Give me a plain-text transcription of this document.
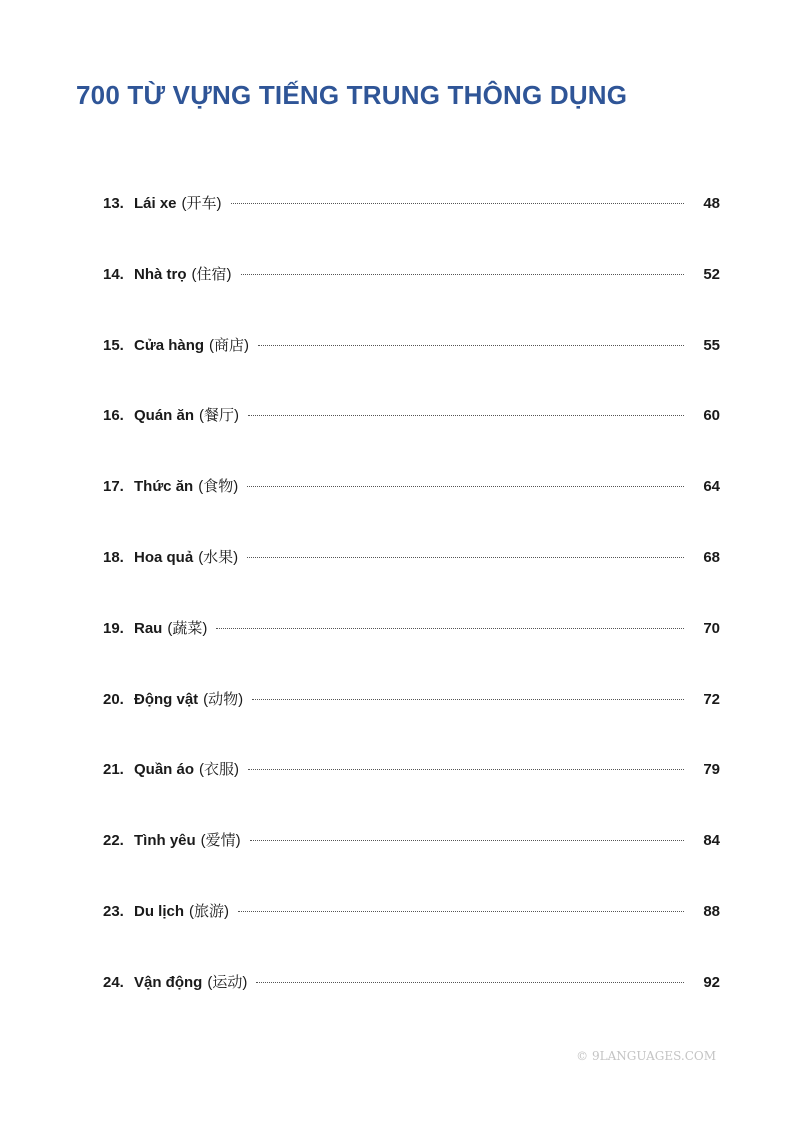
700 TỪ VỰNG TIẾNG TRUNG THÔNG DỤNG
13. Lái xe (开车)	48
14. Nhà trọ (住宿)	52
15. Cửa hàng (商店)	55
16. Quán ăn (餐厅)	60
17. Thức ăn (食物)	64
18. Hoa quả (水果)	68
19. Rau (蔬菜)	70
20. Động vật (动物)	72
21. Quần áo (衣服)	79
22. Tình yêu (爱情)	84
23. Du lịch (旅游)	88
24. Vận động (运动)	92
© 9LANGUAGES.COM
